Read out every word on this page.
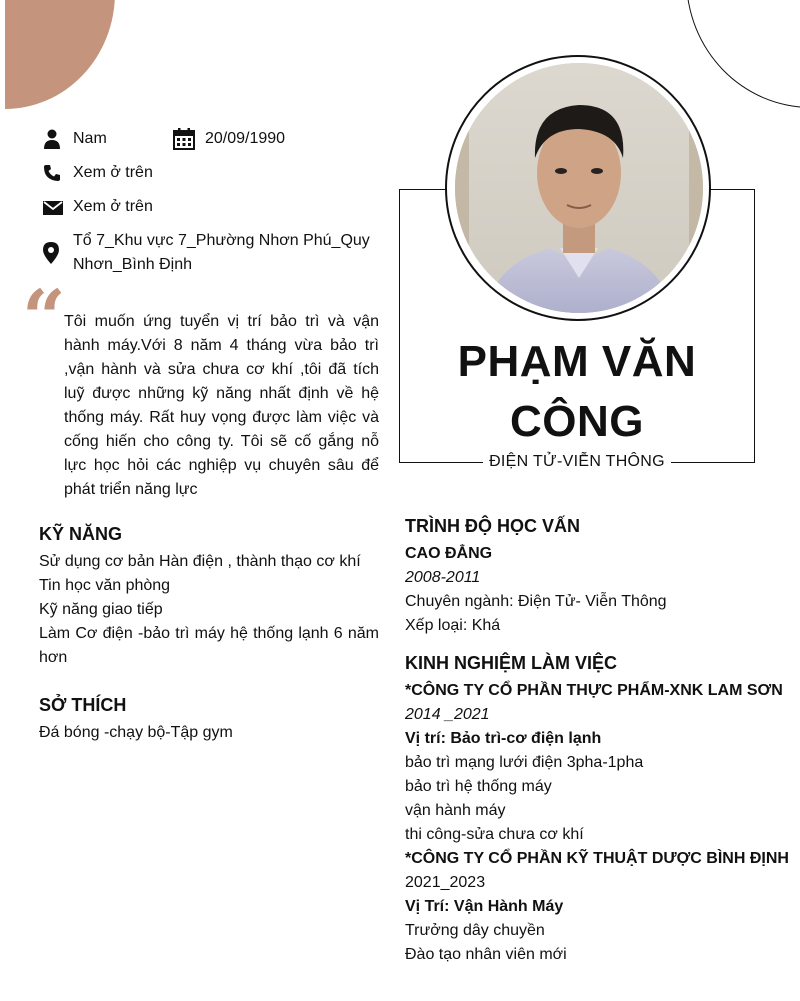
Nam	20/09/1990
Xem ở trên
Xem ở trên
Tổ 7_Khu vực 7_Phường Nhơn Phú_Quy
Nhơn_Bình Định
“
Tôi muốn ứng tuyển vị trí bảo trì và vận hành máy.Với 8 năm 4 tháng vừa bảo trì ,vận hành và sửa chưa cơ khí ,tôi đã tích luỹ được những kỹ năng nhất định về hệ thống máy. Rất huy vọng được làm việc và cống hiến cho công ty. Tôi sẽ cố gắng nỗ lực học hỏi các nghiệp vụ chuyên sâu để phát triển năng lực
KỸ NĂNG
Sử dụng cơ bản Hàn điện , thành thạo cơ khí
Tin học văn phòng
Kỹ năng giao tiếp
Làm Cơ điện -bảo trì máy hệ thống lạnh 6 năm hơn
SỞ THÍCH
Đá bóng -chạy bộ-Tập gym
PHẠM VĂN CÔNG
ĐIỆN TỬ-VIỄN THÔNG
TRÌNH ĐỘ HỌC VẤN
CAO ĐẲNG
2008-2011
Chuyên ngành: Điện Tử- Viễn Thông
Xếp loại: Khá
KINH NGHIỆM LÀM VIỆC
*CÔNG TY CỔ PHẦN THỰC PHẨM-XNK LAM SƠN
2014 _2021
Vị trí: Bảo trì-cơ điện lạnh
bảo trì mạng lưới điện 3pha-1pha
bảo trì hệ thống máy
vận hành máy
thi công-sửa chưa cơ khí
*CÔNG TY CỔ PHẦN KỸ THUẬT DƯỢC BÌNH ĐỊNH
2021_2023
Vị Trí: Vận Hành Máy
Trưởng dây chuyền
Đào tạo nhân viên mới
